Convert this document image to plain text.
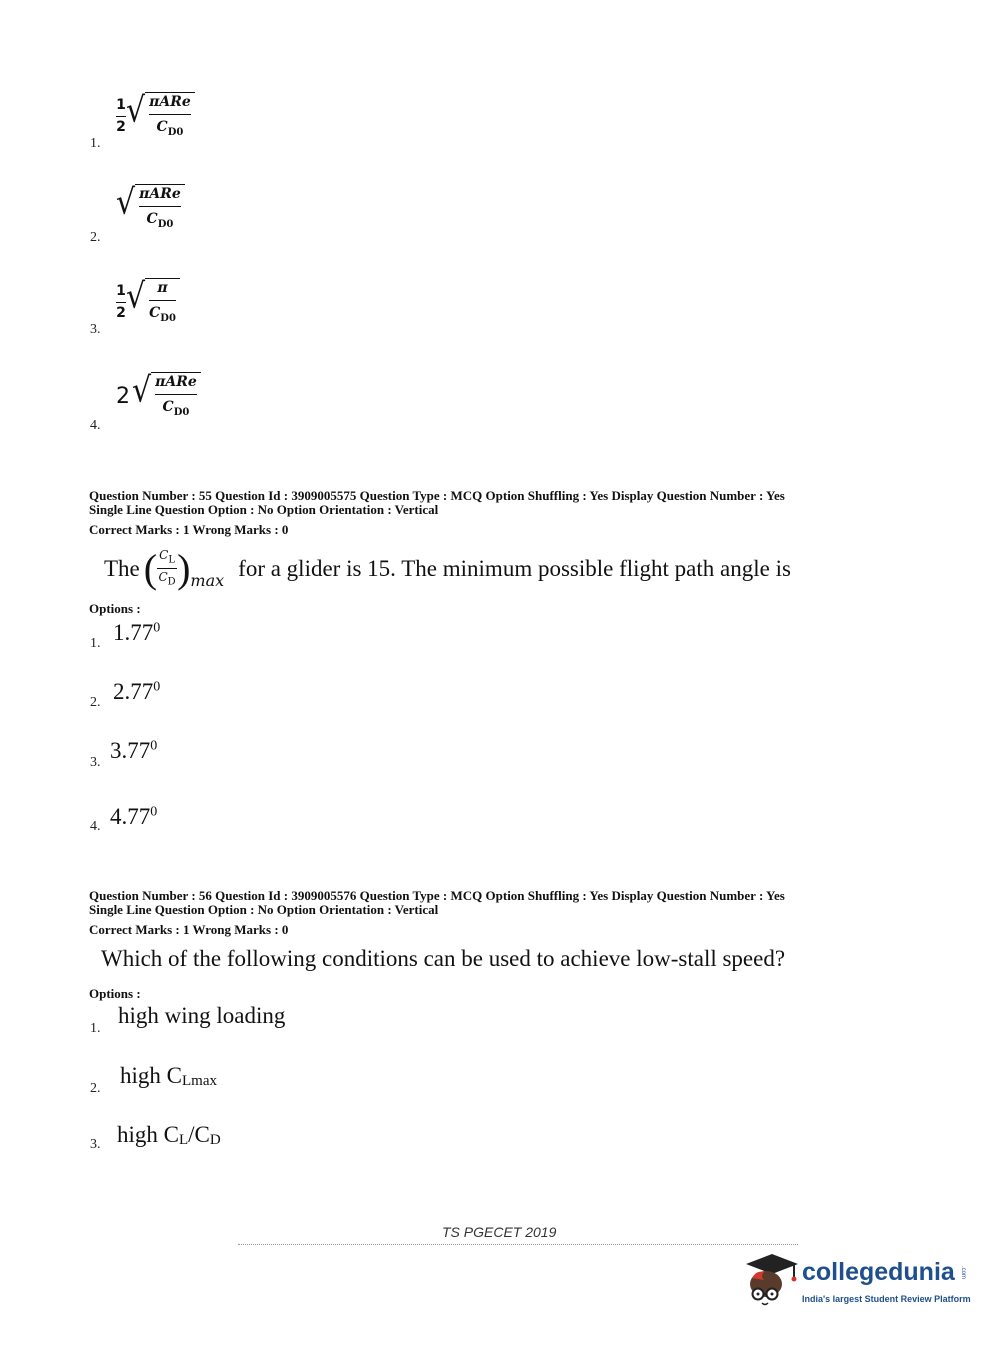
1.
$\frac{1}{2}$ √ πARe
$C_{D0}$
2.
√ πARe
$C_{D0}$
3.
$\frac{1}{2}$ √ π
$C_{D0}$
4.
2 √ πARe
$C_{D0}$
Question Number : 55 Question Id : 3909005575 Question Type : MCQ Option Shuffling : Yes Display Question Number : Yes
Single Line Question Option : No Option Orientation : Vertical
Correct Marks : 1 Wrong Marks : 0
The ( $C_L$
$C_D$ ) max for a glider is 15. The minimum possible flight path angle is
Options :
1. 1.77$^0$
2. 2.77$^0$
3. 3.77$^0$
4. 4.77$^0$
Question Number : 56 Question Id : 3909005576 Question Type : MCQ Option Shuffling : Yes Display Question Number : Yes
Single Line Question Option : No Option Orientation : Vertical
Correct Marks : 1 Wrong Marks : 0
Which of the following conditions can be used to achieve low-stall speed?
Options :
1.
high wing loading
2.
high $C_{Lmax}$
3. high $C_L/C_D$
TS PGECET 2019
collegedunia .com
India's largest Student Review Platform
